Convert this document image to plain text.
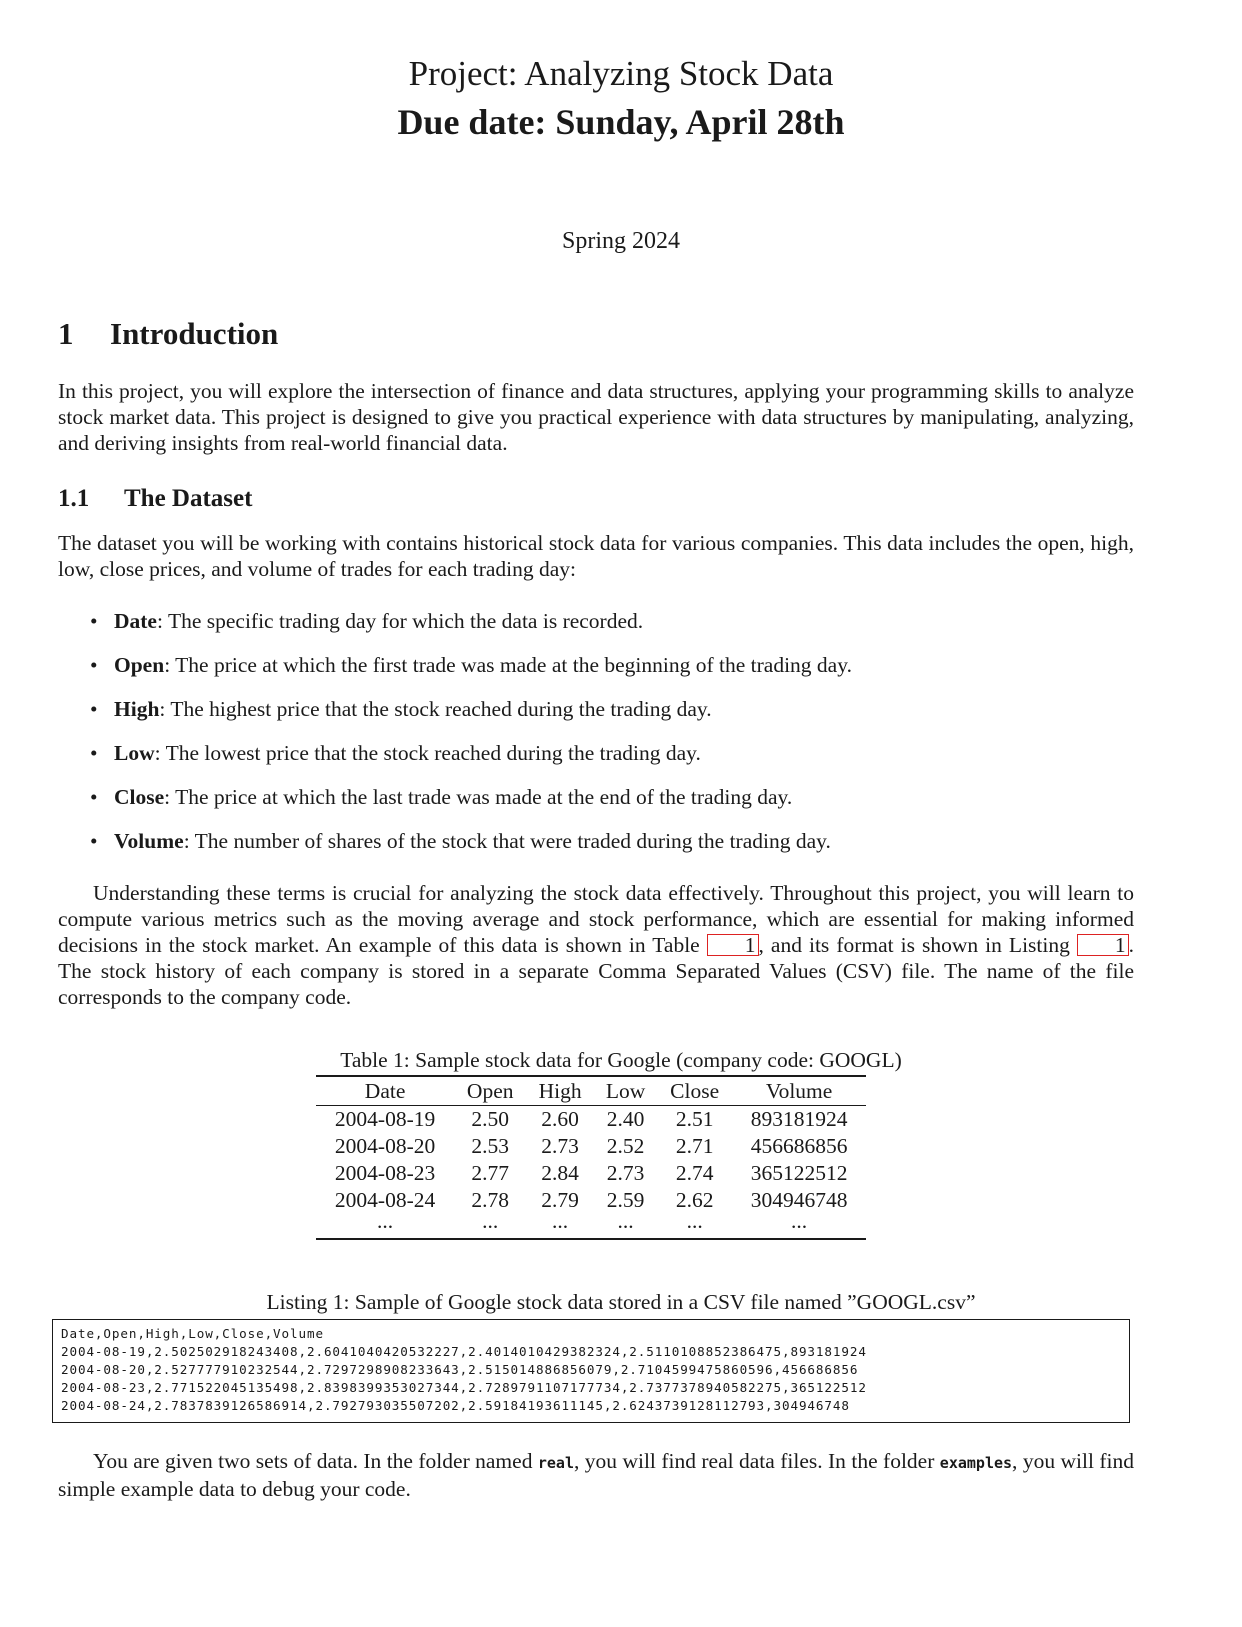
Project: Analyzing Stock Data
Due date: Sunday, April 28th
Spring 2024
1 Introduction
In this project, you will explore the intersection of finance and data structures, applying your programming skills to analyze stock market data. This project is designed to give you practical experience with data structures by manipulating, analyzing, and deriving insights from real-world financial data.
1.1 The Dataset
The dataset you will be working with contains historical stock data for various companies. This data includes the open, high, low, close prices, and volume of trades for each trading day:
• Date: The specific trading day for which the data is recorded.
• Open: The price at which the first trade was made at the beginning of the trading day.
• High: The highest price that the stock reached during the trading day.
• Low: The lowest price that the stock reached during the trading day.
• Close: The price at which the last trade was made at the end of the trading day.
• Volume: The number of shares of the stock that were traded during the trading day.
Understanding these terms is crucial for analyzing the stock data effectively. Throughout this project, you will learn to compute various metrics such as the moving average and stock performance, which are essential for making informed decisions in the stock market. An example of this data is shown in Table 1 , and its format is shown in Listing 1 . The stock history of each company is stored in a separate Comma Separated Values (CSV) file. The name of the file corresponds to the company code.
Table 1: Sample stock data for Google (company code: GOOGL)
Date	Open	High	Low	Close	Volume
2004-08-19	2.50	2.60	2.40	2.51	893181924
2004-08-20	2.53	2.73	2.52	2.71	456686856
2004-08-23	2.77	2.84	2.73	2.74	365122512
2004-08-24	2.78	2.79	2.59	2.62	304946748
...	...	...	...	...	...
Listing 1: Sample of Google stock data stored in a CSV file named ”GOOGL.csv”
Date,Open,High,Low,Close,Volume
2004-08-19,2.502502918243408,2.6041040420532227,2.4014010429382324,2.5110108852386475,893181924
2004-08-20,2.527777910232544,2.7297298908233643,2.515014886856079,2.7104599475860596,456686856
2004-08-23,2.771522045135498,2.8398399353027344,2.7289791107177734,2.7377378940582275,365122512
2004-08-24,2.7837839126586914,2.792793035507202,2.59184193611145,2.6243739128112793,304946748
You are given two sets of data. In the folder named real, you will find real data files. In the folder examples, you will find simple example data to debug your code.
